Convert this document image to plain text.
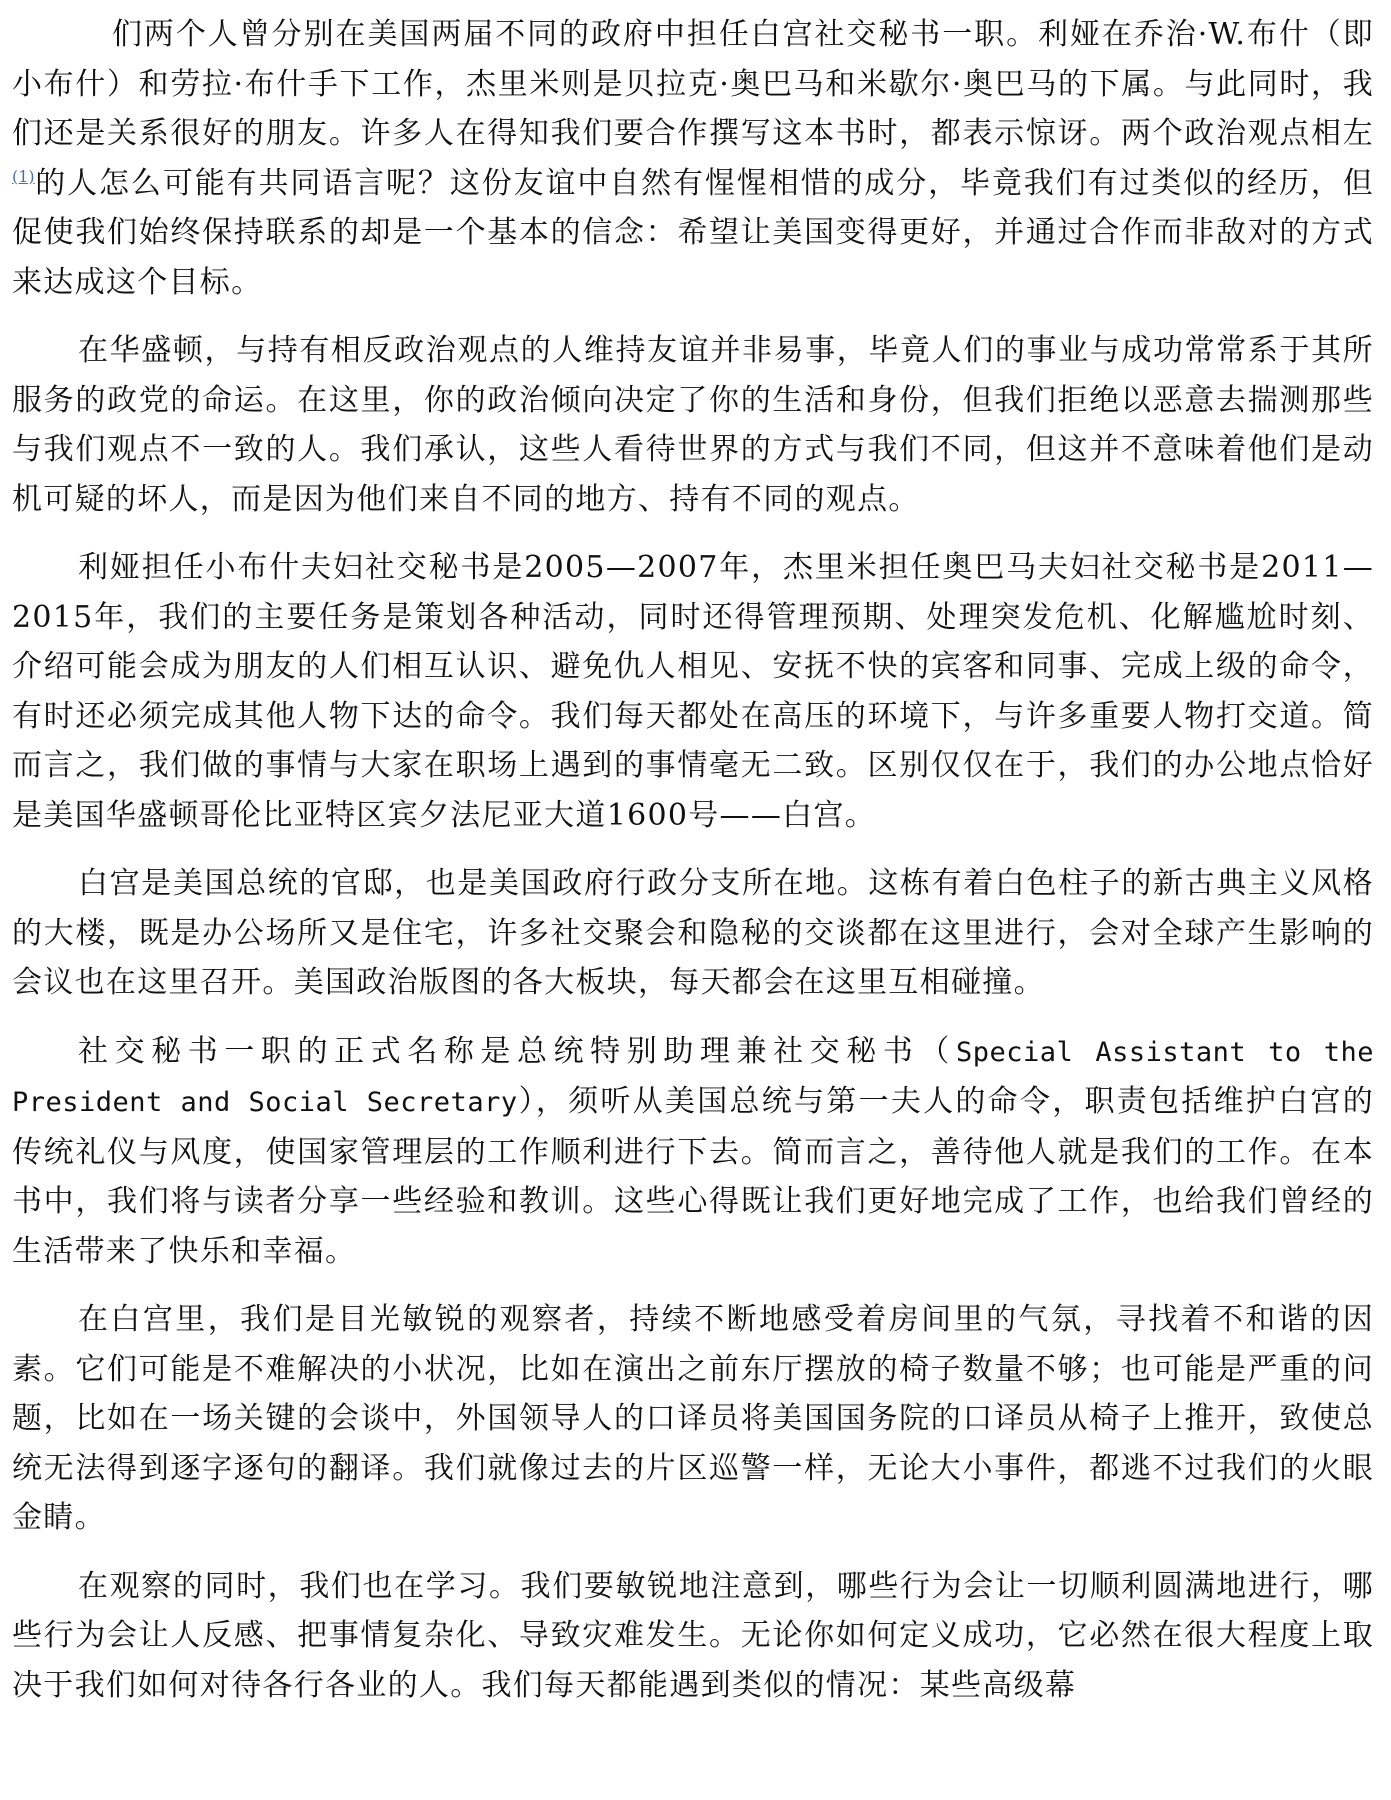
们两个人曾分别在美国两届不同的政府中担任白宫社交秘书一职。利娅在乔治·W.布什（即小布什）和劳拉·布什手下工作，杰里米则是贝拉克·奥巴马和米歇尔·奥巴马的下属。与此同时，我们还是关系很好的朋友。许多人在得知我们要合作撰写这本书时，都表示惊讶。两个政治观点相左$^{(1)}$的人怎么可能有共同语言呢？这份友谊中自然有惺惺相惜的成分，毕竟我们有过类似的经历，但促使我们始终保持联系的却是一个基本的信念：希望让美国变得更好，并通过合作而非敌对的方式来达成这个目标。

在华盛顿，与持有相反政治观点的人维持友谊并非易事，毕竟人们的事业与成功常常系于其所服务的政党的命运。在这里，你的政治倾向决定了你的生活和身份，但我们拒绝以恶意去揣测那些与我们观点不一致的人。我们承认，这些人看待世界的方式与我们不同，但这并不意味着他们是动机可疑的坏人，而是因为他们来自不同的地方、持有不同的观点。

利娅担任小布什夫妇社交秘书是2005—2007年，杰里米担任奥巴马夫妇社交秘书是2011—2015年，我们的主要任务是策划各种活动，同时还得管理预期、处理突发危机、化解尴尬时刻、介绍可能会成为朋友的人们相互认识、避免仇人相见、安抚不快的宾客和同事、完成上级的命令，有时还必须完成其他人物下达的命令。我们每天都处在高压的环境下，与许多重要人物打交道。简而言之，我们做的事情与大家在职场上遇到的事情毫无二致。区别仅仅在于，我们的办公地点恰好是美国华盛顿哥伦比亚特区宾夕法尼亚大道1600号——白宫。

白宫是美国总统的官邸，也是美国政府行政分支所在地。这栋有着白色柱子的新古典主义风格的大楼，既是办公场所又是住宅，许多社交聚会和隐秘的交谈都在这里进行，会对全球产生影响的会议也在这里召开。美国政治版图的各大板块，每天都会在这里互相碰撞。

社交秘书一职的正式名称是总统特别助理兼社交秘书（Special Assistant to the President and Social Secretary），须听从美国总统与第一夫人的命令，职责包括维护白宫的传统礼仪与风度，使国家管理层的工作顺利进行下去。简而言之，善待他人就是我们的工作。在本书中，我们将与读者分享一些经验和教训。这些心得既让我们更好地完成了工作，也给我们曾经的生活带来了快乐和幸福。

在白宫里，我们是目光敏锐的观察者，持续不断地感受着房间里的气氛，寻找着不和谐的因素。它们可能是不难解决的小状况，比如在演出之前东厅摆放的椅子数量不够；也可能是严重的问题，比如在一场关键的会谈中，外国领导人的口译员将美国国务院的口译员从椅子上推开，致使总统无法得到逐字逐句的翻译。我们就像过去的片区巡警一样，无论大小事件，都逃不过我们的火眼金睛。

在观察的同时，我们也在学习。我们要敏锐地注意到，哪些行为会让一切顺利圆满地进行，哪些行为会让人反感、把事情复杂化、导致灾难发生。无论你如何定义成功，它必然在很大程度上取决于我们如何对待各行各业的人。我们每天都能遇到类似的情况：某些高级幕
